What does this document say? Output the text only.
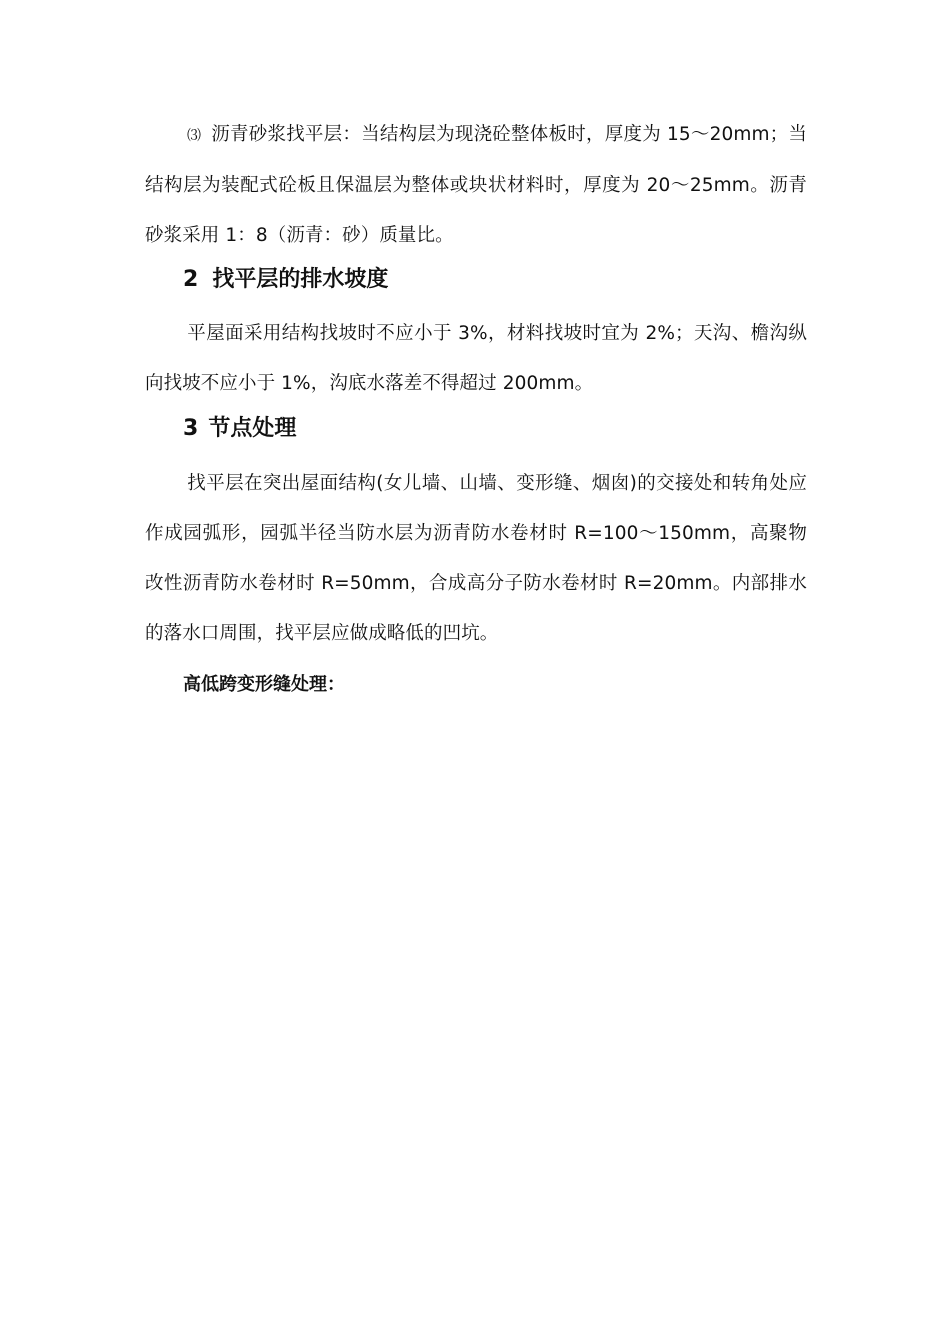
⑶ 沥青砂浆找平层：当结构层为现浇砼整体板时，厚度为 15～20mm；当结构层为装配式砼板且保温层为整体或块状材料时，厚度为 20～25mm。沥青砂浆采用 1：8（沥青：砂）质量比。

2 找平层的排水坡度

平屋面采用结构找坡时不应小于 3%，材料找坡时宜为 2%；天沟、檐沟纵向找坡不应小于 1%，沟底水落差不得超过 200mm。

3 节点处理

找平层在突出屋面结构(女儿墙、山墙、变形缝、烟囱)的交接处和转角处应作成园弧形，园弧半径当防水层为沥青防水卷材时 R=100～150mm，高聚物改性沥青防水卷材时 R=50mm，合成高分子防水卷材时 R=20mm。内部排水的落水口周围，找平层应做成略低的凹坑。

高低跨变形缝处理：
